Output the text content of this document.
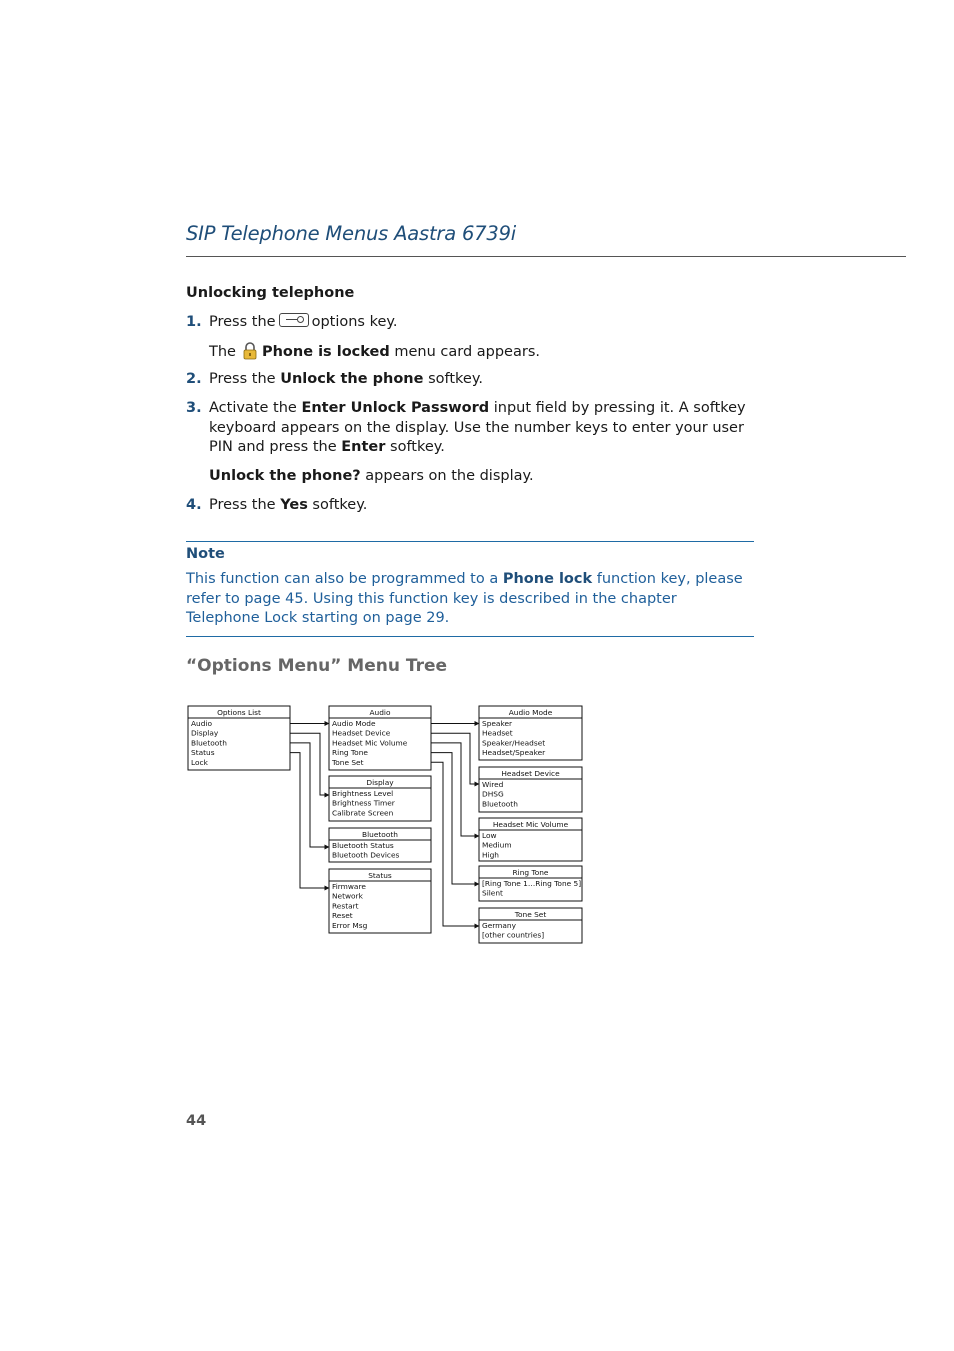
SIP Telephone Menus Aastra 6739i
Unlocking telephone
1. Press the options key.
The Phone is locked menu card appears.
2. Press the Unlock the phone softkey.
3. Activate the Enter Unlock Password input field by pressing it. A softkey keyboard appears on the display. Use the number keys to enter your user PIN and press the Enter softkey.
Unlock the phone? appears on the display.
4. Press the Yes softkey.
Note
This function can also be programmed to a Phone lock function key, please refer to page 45. Using this function key is described in the chapter Telephone Lock starting on page 29.
“Options Menu” Menu Tree
Options List
Audio
Display
Bluetooth
Status
Lock
Audio
Audio Mode
Headset Device
Headset Mic Volume
Ring Tone
Tone Set
Display
Brightness Level
Brightness Timer
Calibrate Screen
Bluetooth
Bluetooth Status
Bluetooth Devices
Status
Firmware
Network
Restart
Reset
Error Msg
Audio Mode
Speaker
Headset
Speaker/Headset
Headset/Speaker
Headset Device
Wired
DHSG
Bluetooth
Headset Mic Volume
Low
Medium
High
Ring Tone
[Ring Tone 1…Ring Tone 5]
Silent
Tone Set
Germany
[other countries]
44
